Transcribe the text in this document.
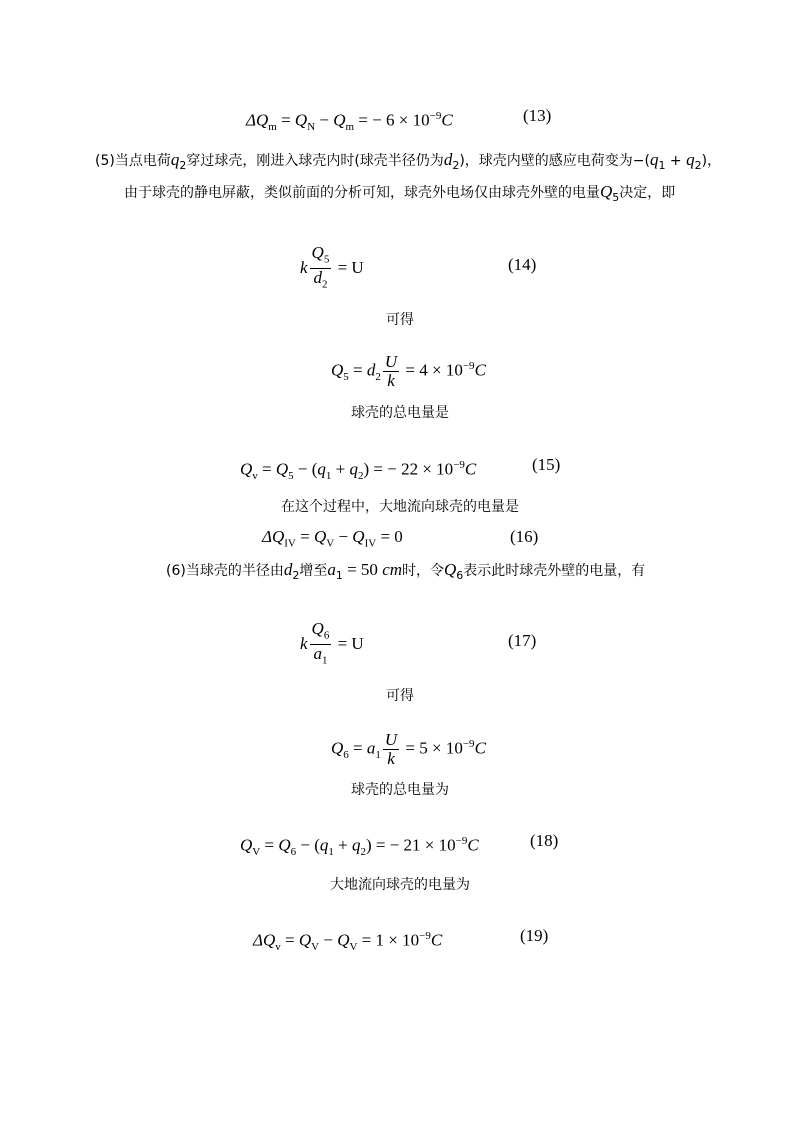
$\Delta Q_m = Q_N - Q_m$ = − $6 \times 10^{-9}C$	(13)
(5)当点电荷$q_2$穿过球壳，刚进入球壳内时(球壳半径仍为$d_2$)，球壳内壁的感应电荷变为$-(q_1 + q_2)$，
由于球壳的静电屏蔽，类似前面的分析可知，球壳外电场仅由球壳外壁的电量$Q_5$决定，即
k $\frac{Q_5}{d_2} = U$	(14)
可得
$Q_5 = d_2 \frac{U}{k} = 4 \times 10^{-9}C$
球壳的总电量是
$Q_v = Q_5 - (q_1 + q_2)$ = − $22 \times 10^{-9}C$	(15)
在这个过程中，大地流向球壳的电量是
$\Delta Q_{IV} = Q_V - Q_{IV} = 0$	(16)
(6)当球壳的半径由$d_2$增至$a_1 = 50$ cm时，令$Q_6$表示此时球壳外壁的电量，有
k $\frac{Q_6}{a_1} = U$	(17)
可得
$Q_6 = a_1 \frac{U}{k} = 5 \times 10^{-9}C$
球壳的总电量为
$Q_V = Q_6 - (q_1 + q_2)$ = − $21 \times 10^{-9}C$	(18)
大地流向球壳的电量为
$\Delta Q_v = Q_V - Q_V = 1 \times 10^{-9}C$	(19)
